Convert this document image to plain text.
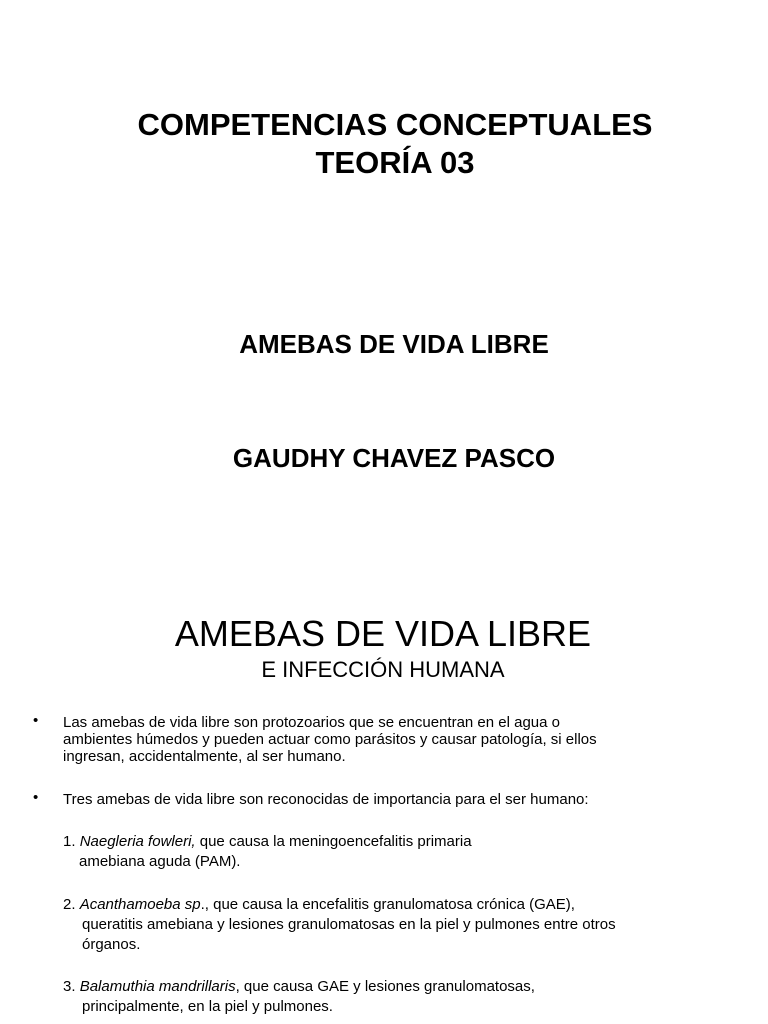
COMPETENCIAS CONCEPTUALES
TEORÍA 03
AMEBAS DE VIDA LIBRE
GAUDHY CHAVEZ PASCO
AMEBAS DE VIDA LIBRE
E INFECCIÓN HUMANA
• Las amebas de vida libre son protozoarios que se encuentran en el agua o
ambientes húmedos y pueden actuar como parásitos y causar patología, si ellos
ingresan, accidentalmente, al ser humano.

• Tres amebas de vida libre son reconocidas de importancia para el ser humano:

1. Naegleria fowleri, que causa la meningoencefalitis primaria
amebiana aguda (PAM).

2. Acanthamoeba sp., que causa la encefalitis granulomatosa crónica (GAE),
queratitis amebiana y lesiones granulomatosas en la piel y pulmones entre otros
órganos.

3. Balamuthia mandrillaris, que causa GAE y lesiones granulomatosas,
principalmente, en la piel y pulmones.
